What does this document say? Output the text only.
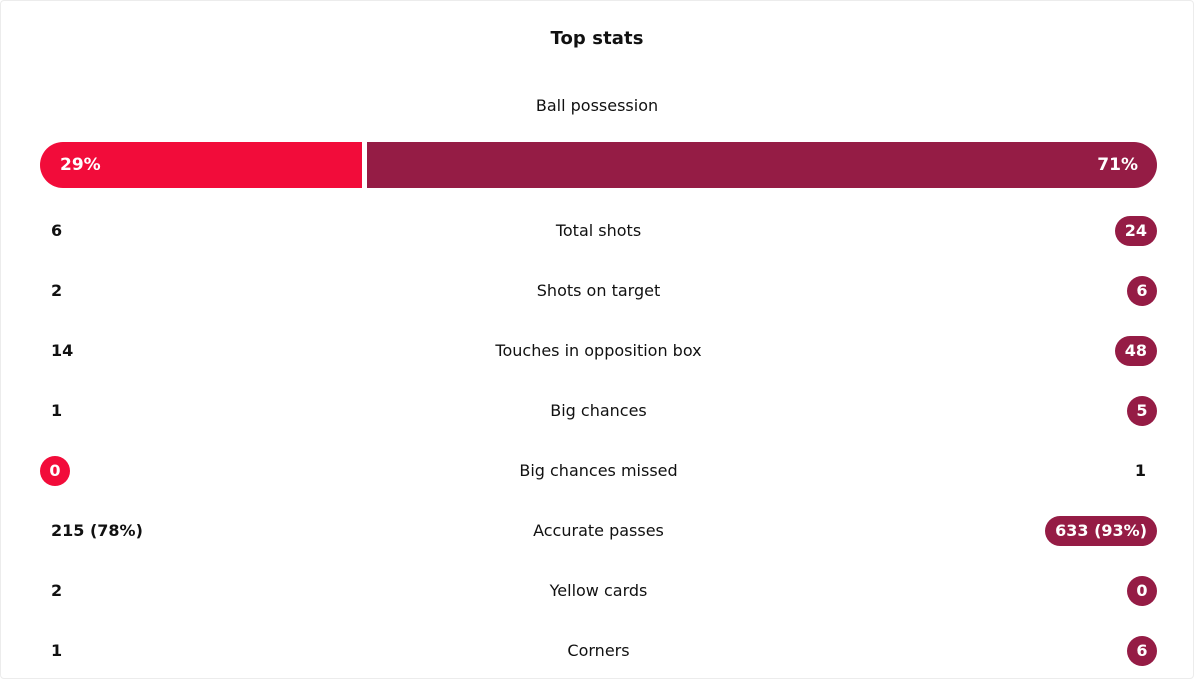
Top stats
Ball possession
29%	71%
Total shots
6	24
Shots on target
2	6
Touches in opposition box
14	48
Big chances
1	5
Big chances missed
0	1
Accurate passes
215 (78%)	633 (93%)
Yellow cards
2	0
Corners
1	6
